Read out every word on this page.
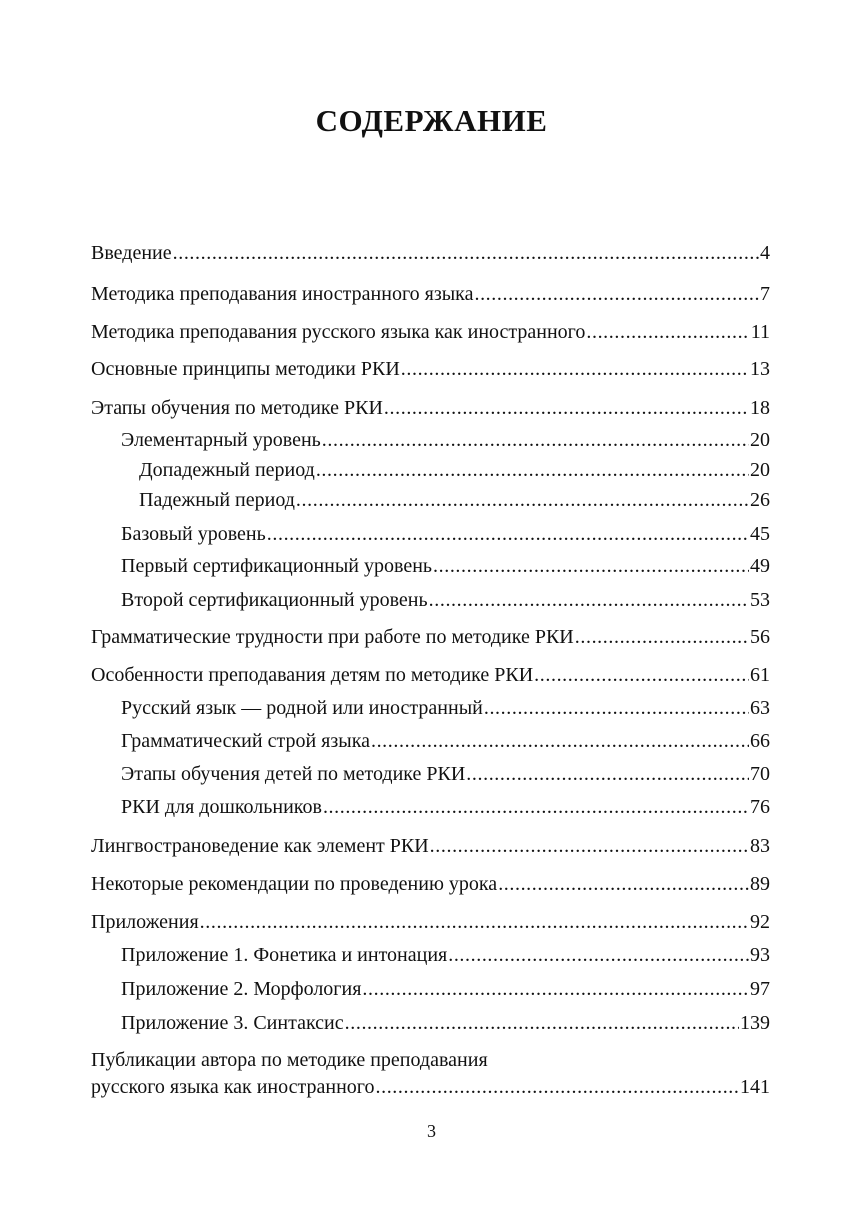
СОДЕРЖАНИЕ
Введение .....	4
Методика преподавания иностранного языка .....	7
Методика преподавания русского языка как иностранного .....	11
Основные принципы методики РКИ .....	13
Этапы обучения по методике РКИ .....	18
Элементарный уровень .....	20
Допадежный период .....	20
Падежный период .....	26
Базовый уровень .....	45
Первый сертификационный уровень .....	49
Второй сертификационный уровень .....	53
Грамматические трудности при работе по методике РКИ .....	56
Особенности преподавания детям по методике РКИ .....	61
Русский язык — родной или иностранный .....	63
Грамматический строй языка .....	66
Этапы обучения детей по методике РКИ .....	70
РКИ для дошкольников .....	76
Лингвострановедение как элемент РКИ .....	83
Некоторые рекомендации по проведению урока .....	89
Приложения .....	92
Приложение 1. Фонетика и интонация .....	93
Приложение 2. Морфология .....	97
Приложение 3. Синтаксис .....	139
Публикации автора по методике преподавания
русского языка как иностранного .....	141
3
